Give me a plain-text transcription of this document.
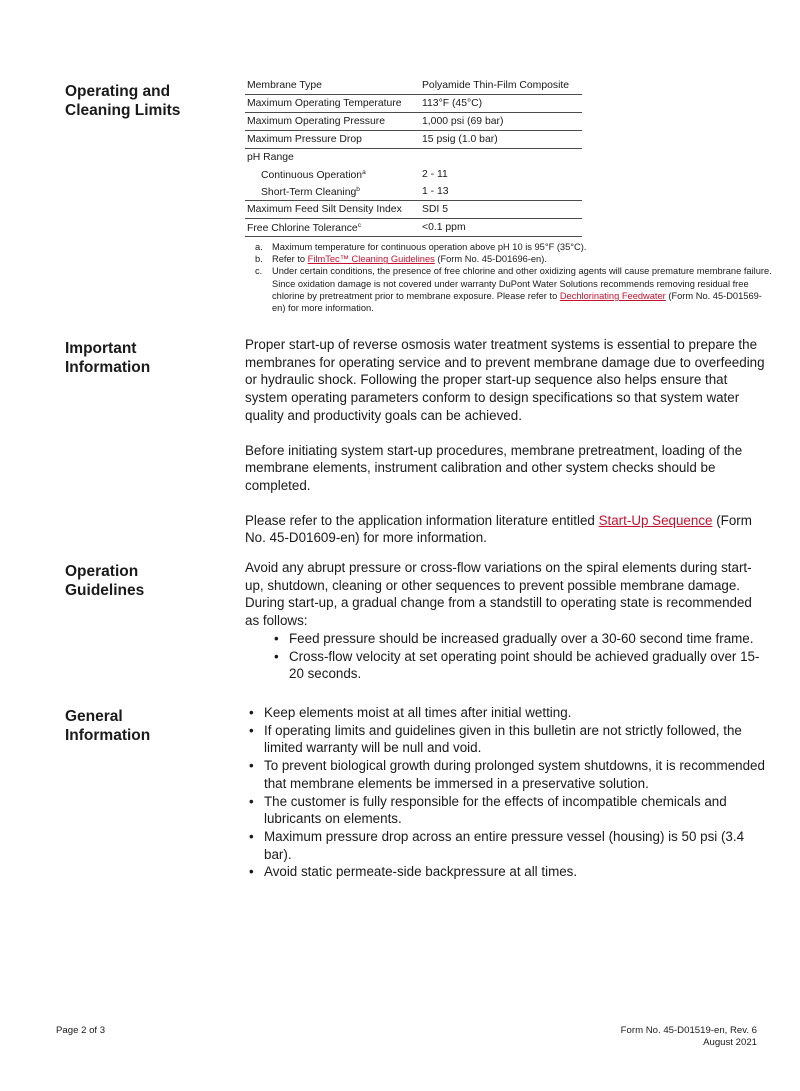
Operating and
Cleaning Limits
Important
Information
Operation
Guidelines
General
Information
Membrane Type	Polyamide Thin-Film Composite
Maximum Operating Temperature	113°F (45°C)
Maximum Operating Pressure	1,000 psi (69 bar)
Maximum Pressure Drop	15 psig (1.0 bar)
pH Range
Continuous Operation$^a$	2 - 11
Short-Term Cleaning$^b$	1 - 13
Maximum Feed Silt Density Index	SDI 5
Free Chlorine Tolerance$^c$	<0.1 ppm
a. Maximum temperature for continuous operation above pH 10 is 95°F (35°C).
b. Refer to FilmTec™ Cleaning Guidelines (Form No. 45-D01696-en).
c.	Under certain conditions, the presence of free chlorine and other oxidizing agents will cause premature membrane failure. Since oxidation damage is not covered under warranty DuPont Water Solutions recommends removing residual free chlorine by pretreatment prior to membrane exposure. Please refer to Dechlorinating Feedwater (Form No. 45-D01569-en) for more information.

Proper start-up of reverse osmosis water treatment systems is essential to prepare the membranes for operating service and to prevent membrane damage due to overfeeding or hydraulic shock. Following the proper start-up sequence also helps ensure that system operating parameters conform to design specifications so that system water quality and productivity goals can be achieved.

Before initiating system start-up procedures, membrane pretreatment, loading of the membrane elements, instrument calibration and other system checks should be completed.

Please refer to the application information literature entitled Start-Up Sequence (Form No. 45-D01609-en) for more information.

Avoid any abrupt pressure or cross-flow variations on the spiral elements during start-up, shutdown, cleaning or other sequences to prevent possible membrane damage. During start-up, a gradual change from a standstill to operating state is recommended as follows:

• Feed pressure should be increased gradually over a 30-60 second time frame.
• Cross-flow velocity at set operating point should be achieved gradually over 15-20 seconds.
• Keep elements moist at all times after initial wetting.
• If operating limits and guidelines given in this bulletin are not strictly followed, the limited warranty will be null and void.
• To prevent biological growth during prolonged system shutdowns, it is recommended that membrane elements be immersed in a preservative solution.
• The customer is fully responsible for the effects of incompatible chemicals and lubricants on elements.
• Maximum pressure drop across an entire pressure vessel (housing) is 50 psi (3.4 bar).
• Avoid static permeate-side backpressure at all times.
Page 2 of 3	Form No. 45-D01519-en, Rev. 6
August 2021
